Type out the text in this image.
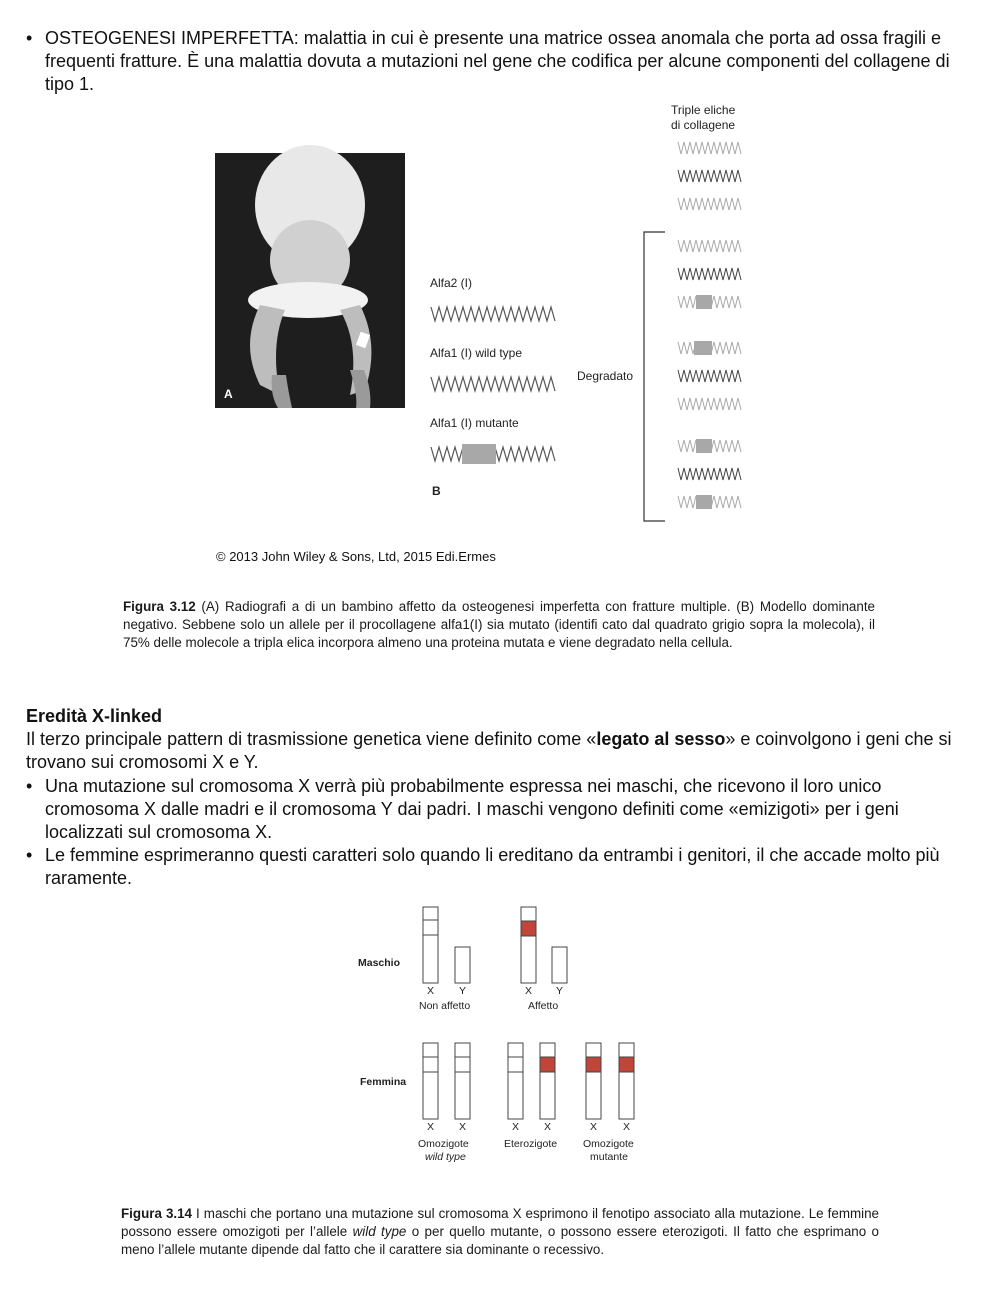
• OSTEOGENESI IMPERFETTA: malattia in cui è presente una matrice ossea anomala che porta ad ossa fragili e frequenti fratture. È una malattia dovuta a mutazioni nel gene che codifica per alcune componenti del collagene di tipo 1.
A
Alfa2 (I)
Alfa1 (I) wild type
Alfa1 (I) mutante
B
Triple eliche
di collagene
Degradato
© 2013 John Wiley & Sons, Ltd, 2015 Edi.Ermes
Figura 3.12 (A) Radiografi a di un bambino affetto da osteogenesi imperfetta con fratture multiple. (B) Modello dominante negativo. Sebbene solo un allele per il procollagene alfa1(I) sia mutato (identifi cato dal quadrato grigio sopra la molecola), il 75% delle molecole a tripla elica incorpora almeno una proteina mutata e viene degradato nella cellula.
Eredità X-linked
Il terzo principale pattern di trasmissione genetica viene definito come «legato al sesso» e coinvolgono i geni che si trovano sui cromosomi X e Y.
• Una mutazione sul cromosoma X verrà più probabilmente espressa nei maschi, che ricevono il loro unico cromosoma X dalle madri e il cromosoma Y dai padri. I maschi vengono definiti come «emizigoti» per i geni localizzati sul cromosoma X.
• Le femmine esprimeranno questi caratteri solo quando li ereditano da entrambi i genitori, il che accade molto più raramente.
Maschio
Femmina
X Y
Non affetto
X Y
Affetto
X X
Omozigote
wild type
X X
Eterozigote
X X
Omozigote
mutante
Figura 3.14 I maschi che portano una mutazione sul cromosoma X esprimono il fenotipo associato alla mutazione. Le femmine possono essere omozigoti per l’allele wild type o per quello mutante, o possono essere eterozigoti. Il fatto che esprimano o meno l’allele mutante dipende dal fatto che il carattere sia dominante o recessivo.
